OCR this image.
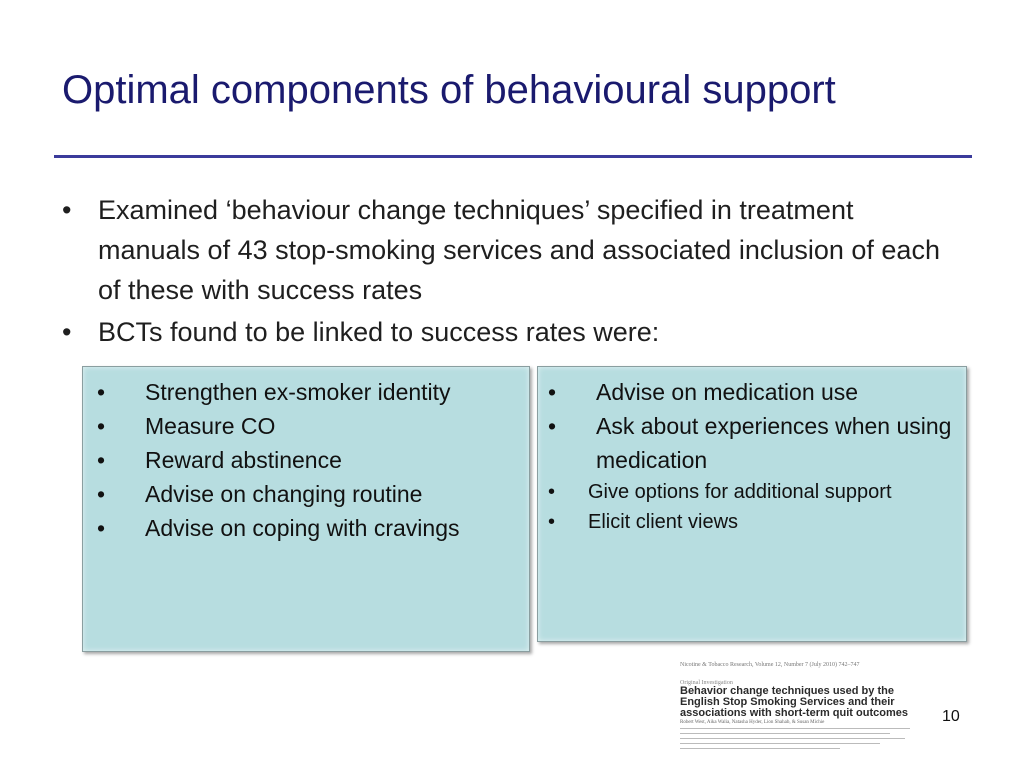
Optimal components of behavioural support
• Examined ‘behaviour change techniques’ specified in treatment manuals of 43 stop-smoking services and associated inclusion of each of these with success rates
• BCTs found to be linked to success rates were:
• Strengthen ex-smoker identity
• Measure CO
• Reward abstinence
• Advise on changing routine
• Advise on coping with cravings
• Advise on medication use
• Ask about experiences when using medication
• Give options for additional support
• Elicit client views
Nicotine & Tobacco Research, Volume 12, Number 7 (July 2010) 742–747
Original Investigation
Behavior change techniques used by the English Stop Smoking Services and their associations with short-term quit outcomes
Robert West, Aika Walia, Natasha Hyder, Lion Shahab, & Susan Michie	10
